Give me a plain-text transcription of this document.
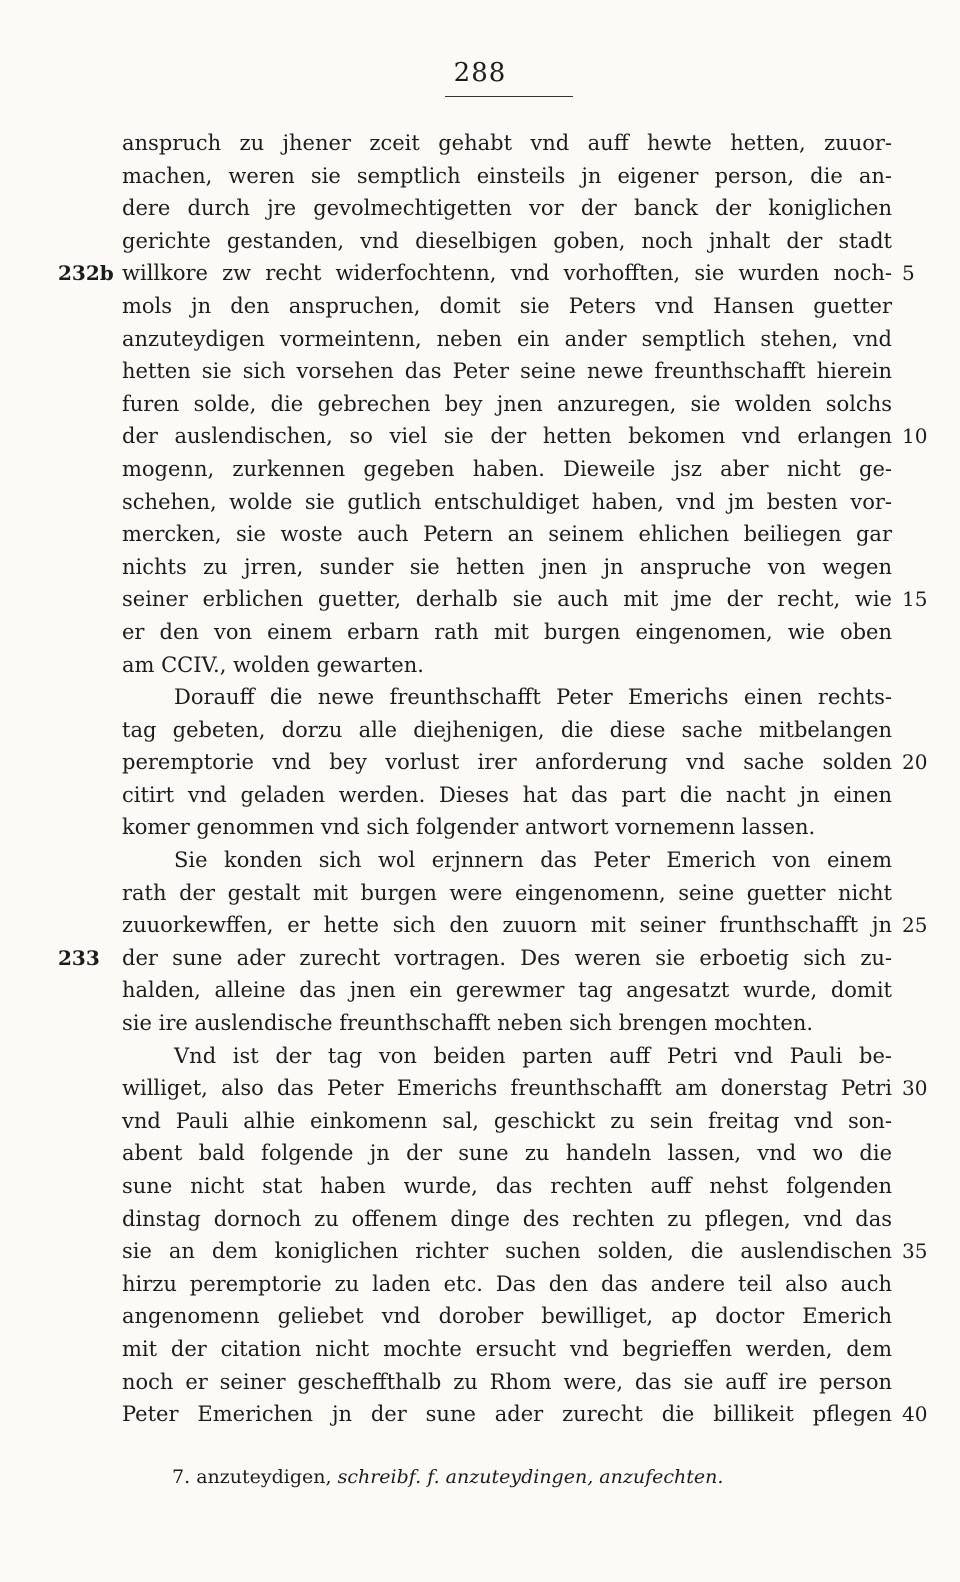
288
anspruch zu jhener zceit gehabt vnd auff hewte hetten, zuuor-
machen, weren sie semptlich einsteils jn eigener person, die an-
dere durch jre gevolmechtigetten vor der banck der koniglichen
gerichte gestanden, vnd dieselbigen goben, noch jnhalt der stadt
willkore zw recht widerfochtenn, vnd vorhofften, sie wurden noch-
mols jn den anspruchen, domit sie Peters vnd Hansen guetter
anzuteydigen vormeintenn, neben ein ander semptlich stehen, vnd
hetten sie sich vorsehen das Peter seine newe freunthschafft hierein
furen solde, die gebrechen bey jnen anzuregen, sie wolden solchs
der auslendischen, so viel sie der hetten bekomen vnd erlangen
mogenn, zurkennen gegeben haben. Dieweile jsz aber nicht ge-
schehen, wolde sie gutlich entschuldiget haben, vnd jm besten vor-
mercken, sie woste auch Petern an seinem ehlichen beiliegen gar
nichts zu jrren, sunder sie hetten jnen jn anspruche von wegen
seiner erblichen guetter, derhalb sie auch mit jme der recht, wie
er den von einem erbarn rath mit burgen eingenomen, wie oben
am CCIV., wolden gewarten.
Dorauff die newe freunthschafft Peter Emerichs einen rechts-
tag gebeten, dorzu alle diejhenigen, die diese sache mitbelangen
peremptorie vnd bey vorlust irer anforderung vnd sache solden
citirt vnd geladen werden. Dieses hat das part die nacht jn einen
komer genommen vnd sich folgender antwort vornemenn lassen.
Sie konden sich wol erjnnern das Peter Emerich von einem
rath der gestalt mit burgen were eingenomenn, seine guetter nicht
zuuorkewffen, er hette sich den zuuorn mit seiner frunthschafft jn
der sune ader zurecht vortragen. Des weren sie erboetig sich zu-
halden, alleine das jnen ein gerewmer tag angesatzt wurde, domit
sie ire auslendische freunthschafft neben sich brengen mochten.
Vnd ist der tag von beiden parten auff Petri vnd Pauli be-
williget, also das Peter Emerichs freunthschafft am donerstag Petri
vnd Pauli alhie einkomenn sal, geschickt zu sein freitag vnd son-
abent bald folgende jn der sune zu handeln lassen, vnd wo die
sune nicht stat haben wurde, das rechten auff nehst folgenden
dinstag dornoch zu offenem dinge des rechten zu pflegen, vnd das
sie an dem koniglichen richter suchen solden, die auslendischen
hirzu peremptorie zu laden etc. Das den das andere teil also auch
angenomenn geliebet vnd dorober bewilliget, ap doctor Emerich
mit der citation nicht mochte ersucht vnd begrieffen werden, dem
noch er seiner gescheffthalb zu Rhom were, das sie auff ire person
Peter Emerichen jn der sune ader zurecht die billikeit pflegen
232b
233
5
10
15
20
25
30
35
40
7. anzuteydigen, schreibf. f. anzuteydingen, anzufechten.
